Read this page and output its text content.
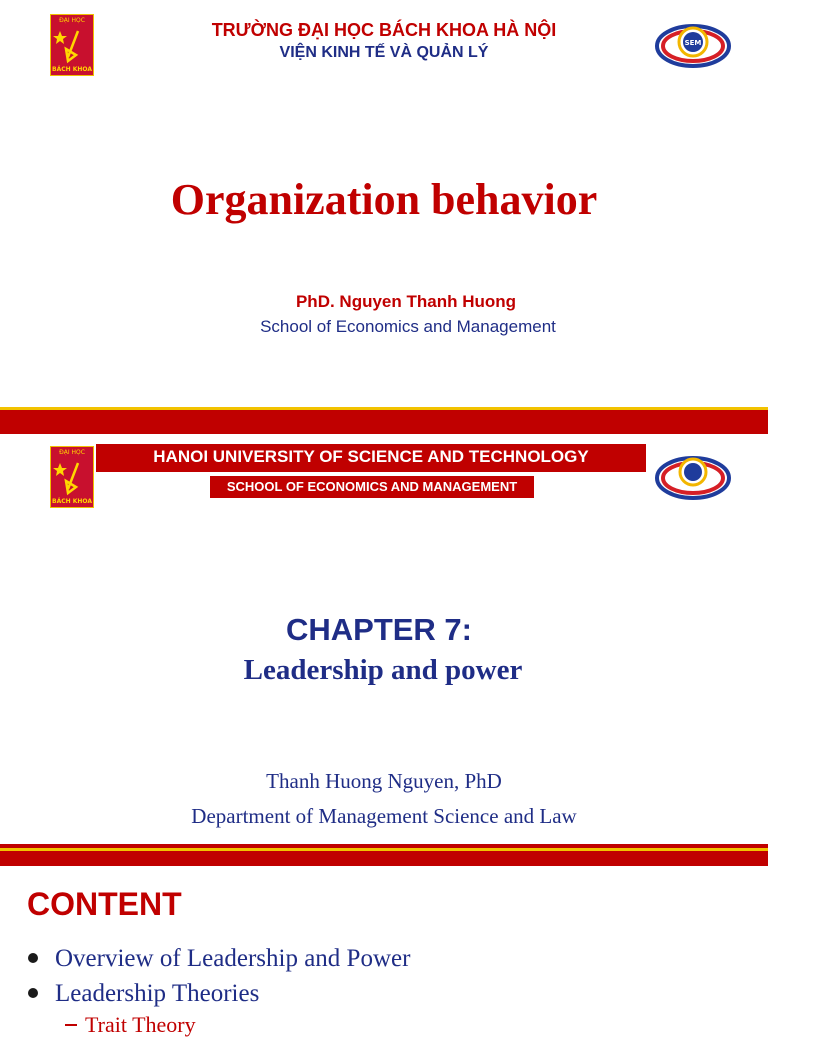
ĐẠI HỌC
BÁCH KHOA
SEM
TRƯỜNG ĐẠI HỌC BÁCH KHOA HÀ NỘI
VIỆN KINH TẾ VÀ QUẢN LÝ
Organization behavior
PhD. Nguyen Thanh Huong
School of Economics and Management
ĐẠI HỌC
BÁCH KHOA
HANOI UNIVERSITY OF SCIENCE AND TECHNOLOGY
SCHOOL OF ECONOMICS AND MANAGEMENT
CHAPTER 7:
Leadership and power
Thanh Huong Nguyen, PhD
Department of Management Science and Law
CONTENT
Overview of Leadership and Power
Leadership Theories
Trait Theory
